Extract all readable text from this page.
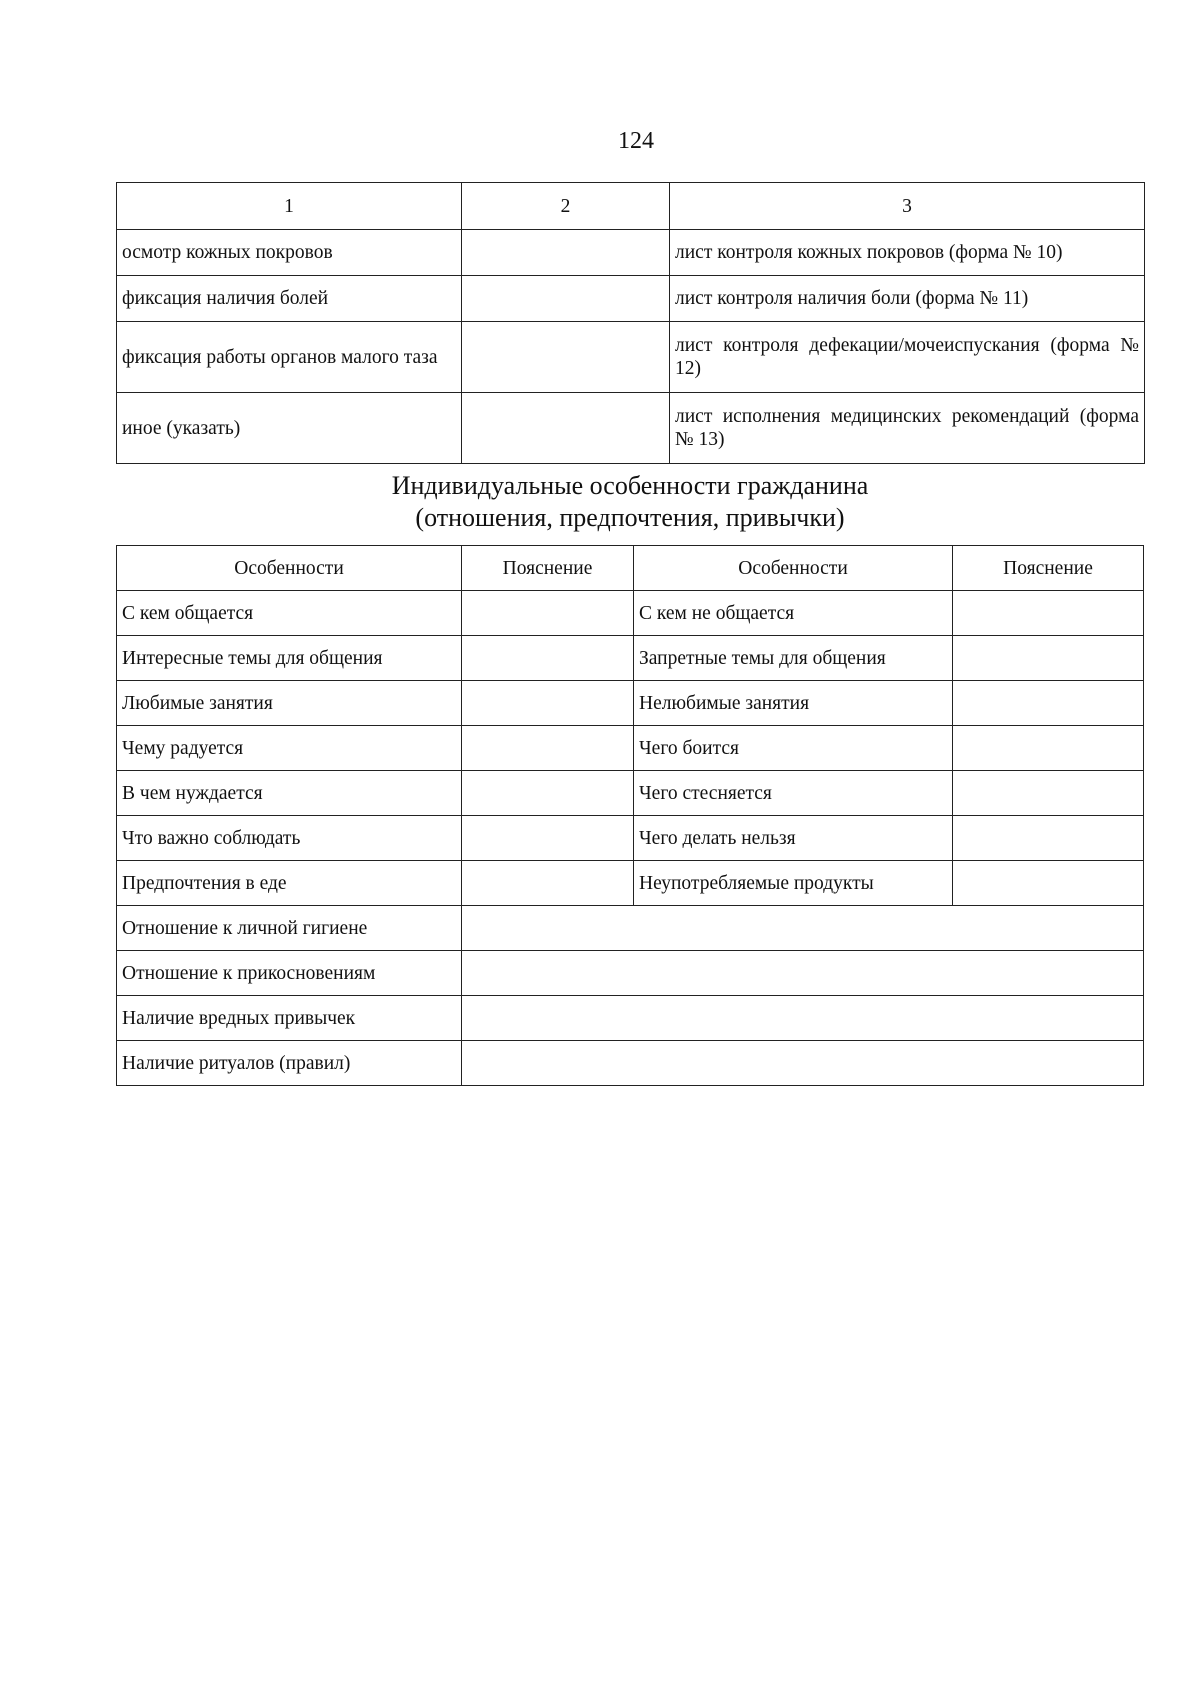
124
1	2	3
осмотр кожных покровов		лист контроля кожных покровов (форма № 10)
фиксация наличия болей		лист контроля наличия боли (форма № 11)
фиксация работы органов малого таза		лист контроля дефекации/мочеиспускания (форма № 12)
иное (указать)		лист исполнения медицинских рекомендаций (форма № 13)
Индивидуальные особенности гражданина
(отношения, предпочтения, привычки)
Особенности	Пояснение	Особенности	Пояснение
С кем общается		С кем не общается	
Интересные темы для общения		Запретные темы для общения	
Любимые занятия		Нелюбимые занятия	
Чему радуется		Чего боится	
В чем нуждается		Чего стесняется	
Что важно соблюдать		Чего делать нельзя	
Предпочтения в еде		Неупотребляемые продукты	
Отношение к личной гигиене			
Отношение к прикосновениям			
Наличие вредных привычек			
Наличие ритуалов (правил)			
